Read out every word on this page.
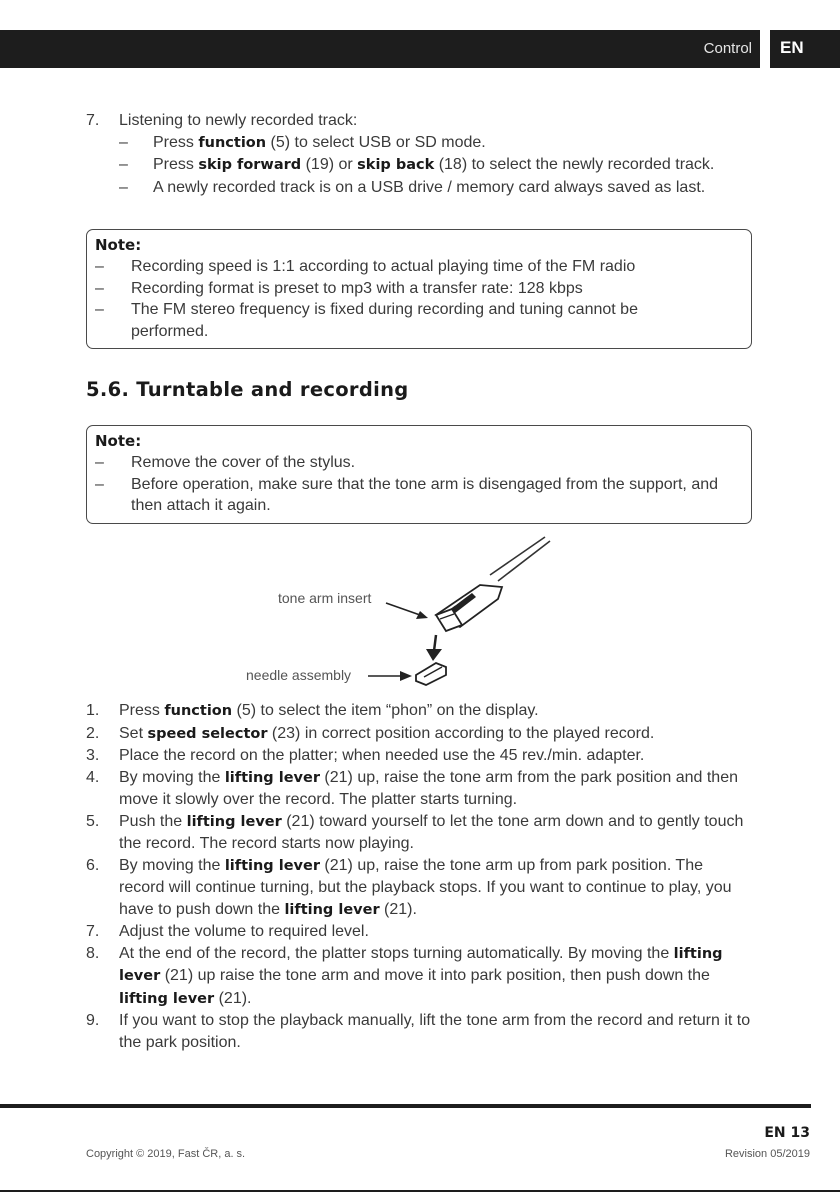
Control EN
7. Listening to newly recorded track:
– Press function (5) to select USB or SD mode.
– Press skip forward (19) or skip back (18) to select the newly recorded track.
– A newly recorded track is on a USB drive / memory card always saved as last.
Note:
– Recording speed is 1:1 according to actual playing time of the FM radio
– Recording format is preset to mp3 with a transfer rate: 128 kbps
– The FM stereo frequency is fixed during recording and tuning cannot be performed.
5.6. Turntable and recording
Note:
– Remove the cover of the stylus.
– Before operation, make sure that the tone arm is disengaged from the support, and then attach it again.
tone arm insert
needle assembly
1. Press function (5) to select the item “phon” on the display.
2. Set speed selector (23) in correct position according to the played record.
3. Place the record on the platter; when needed use the 45 rev./min. adapter.
4. By moving the lifting lever (21) up, raise the tone arm from the park position and then move it slowly over the record. The platter starts turning.
5. Push the lifting lever (21) toward yourself to let the tone arm down and to gently touch the record. The record starts now playing.
6. By moving the lifting lever (21) up, raise the tone arm up from park position. The record will continue turning, but the playback stops. If you want to continue to play, you have to push down the lifting lever (21).
7. Adjust the volume to required level.
8. At the end of the record, the platter stops turning automatically. By moving the lifting lever (21) up raise the tone arm and move it into park position, then push down the lifting lever (21).
9. If you want to stop the playback manually, lift the tone arm from the record and return it to the park position.
EN 13
Copyright © 2019, Fast ČR, a. s.	Revision 05/2019
